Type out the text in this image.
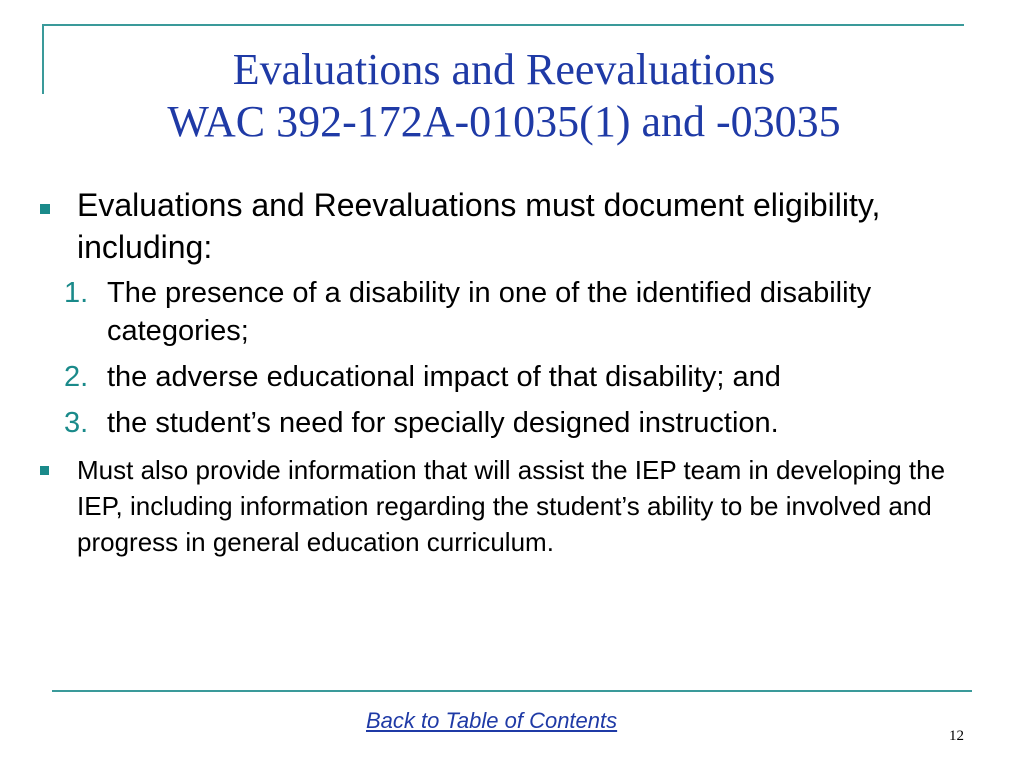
Evaluations and Reevaluations
WAC 392-172A-01035(1) and -03035
Evaluations and Reevaluations must document eligibility, including:
1. The presence of a disability in one of the identified disability categories;
2. the adverse educational impact of that disability; and
3. the student’s need for specially designed instruction.
Must also provide information that will assist the IEP team in developing the IEP, including information regarding the student’s ability to be involved and progress in general education curriculum.
Back to Table of Contents
12
